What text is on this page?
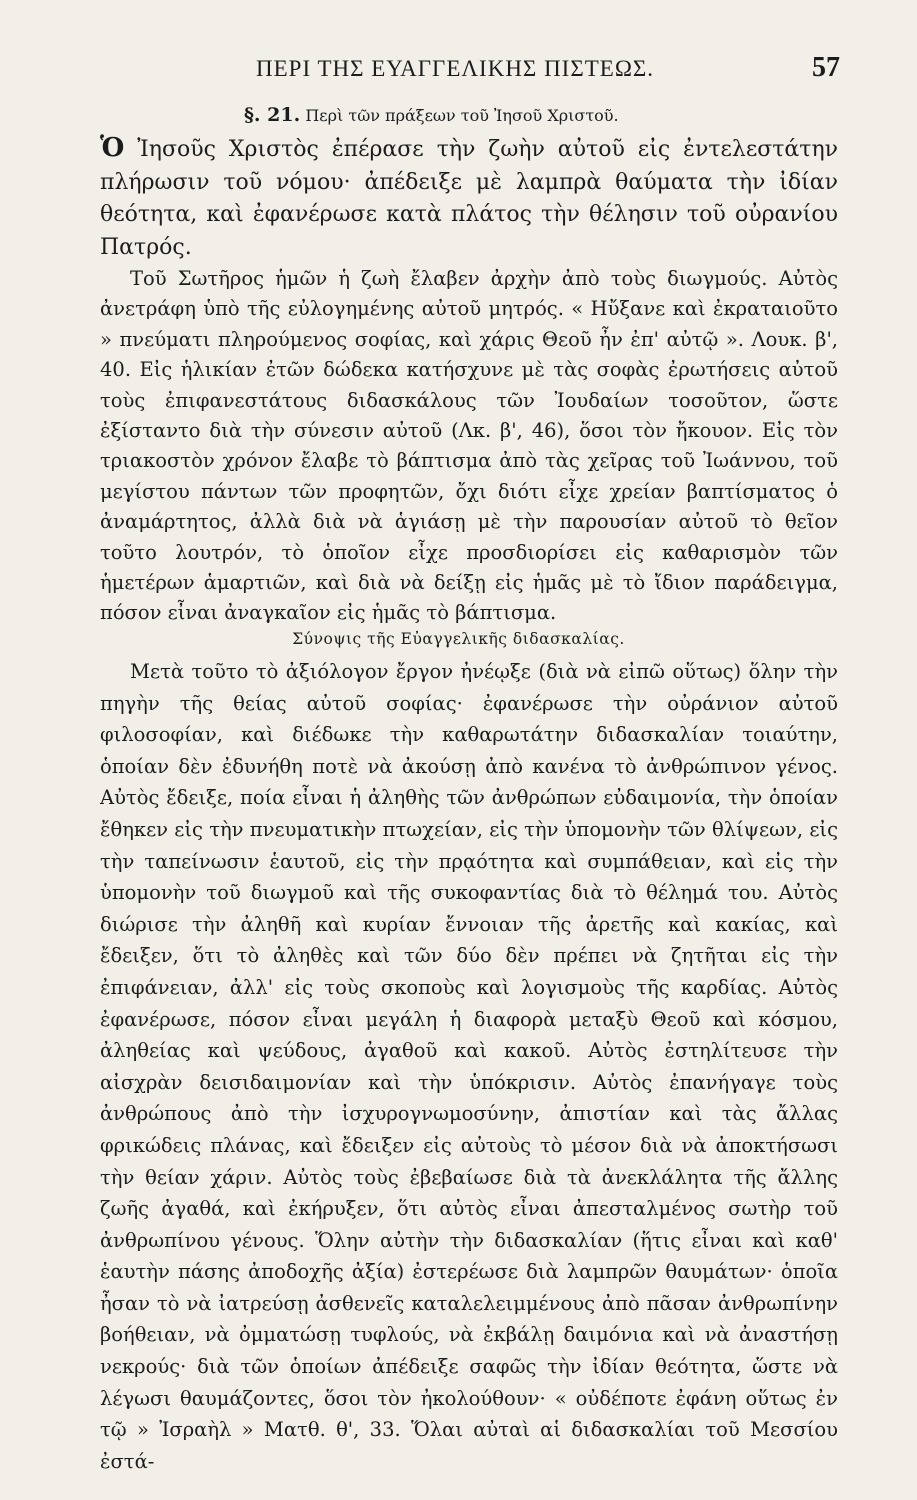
ΠΕΡΙ ΤΗΣ ΕΥΑΓΓΕΛΙΚΗΣ ΠΙΣΤΕΩΣ.	57
§. 21. Περὶ τῶν πράξεων τοῦ Ἰησοῦ Χριστοῦ.

Ὁ Ἰησοῦς Χριστὸς ἐπέρασε τὴν ζωὴν αὐτοῦ εἰς ἐντελεστάτην πλήρωσιν τοῦ νόμου· ἀπέδειξε μὲ λαμπρὰ θαύματα τὴν ἰδίαν θεότητα, καὶ ἐφανέρωσε κατὰ πλάτος τὴν θέλησιν τοῦ οὐρανίου Πατρός.

Τοῦ Σωτῆρος ἡμῶν ἡ ζωὴ ἔλαβεν ἀρχὴν ἀπὸ τοὺς διωγμούς. Αὐτὸς ἀνετράφη ὑπὸ τῆς εὐλογημένης αὐτοῦ μητρός. « Ηὔξανε καὶ ἐκραταιοῦτο » πνεύματι πληρούμενος σοφίας, καὶ χάρις Θεοῦ ἦν ἐπ' αὐτῷ ». Λουκ. β', 40. Εἰς ἡλικίαν ἐτῶν δώδεκα κατήσχυνε μὲ τὰς σοφὰς ἐρωτήσεις αὐτοῦ τοὺς ἐπιφανεστάτους διδασκάλους τῶν Ἰουδαίων τοσοῦτον, ὥστε ἐξίσταντο διὰ τὴν σύνεσιν αὐτοῦ (Λκ. β', 46), ὅσοι τὸν ἤκουον. Εἰς τὸν τριακοστὸν χρόνον ἔλαβε τὸ βάπτισμα ἀπὸ τὰς χεῖρας τοῦ Ἰωάννου, τοῦ μεγίστου πάντων τῶν προφητῶν, ὄχι διότι εἶχε χρείαν βαπτίσματος ὁ ἀναμάρτητος, ἀλλὰ διὰ νὰ ἁγιάσῃ μὲ τὴν παρουσίαν αὐτοῦ τὸ θεῖον τοῦτο λουτρόν, τὸ ὁποῖον εἶχε προσδιορίσει εἰς καθαρισμὸν τῶν ἡμετέρων ἁμαρτιῶν, καὶ διὰ νὰ δείξῃ εἰς ἡμᾶς μὲ τὸ ἴδιον παράδειγμα, πόσον εἶναι ἀναγκαῖον εἰς ἡμᾶς τὸ βάπτισμα.

Σύνοψις τῆς Εὐαγγελικῆς διδασκαλίας.

Μετὰ τοῦτο τὸ ἀξιόλογον ἔργον ἠνέῳξε (διὰ νὰ εἰπῶ οὕτως) ὅλην τὴν πηγὴν τῆς θείας αὐτοῦ σοφίας· ἐφανέρωσε τὴν οὐράνιον αὐτοῦ φιλοσοφίαν, καὶ διέδωκε τὴν καθαρωτάτην διδασκαλίαν τοιαύτην, ὁποίαν δὲν ἐδυνήθη ποτὲ νὰ ἀκούσῃ ἀπὸ κανένα τὸ ἀνθρώπινον γένος. Αὐτὸς ἔδειξε, ποία εἶναι ἡ ἀληθὴς τῶν ἀνθρώπων εὐδαιμονία, τὴν ὁποίαν ἔθηκεν εἰς τὴν πνευματικὴν πτωχείαν, εἰς τὴν ὑπομονὴν τῶν θλίψεων, εἰς τὴν ταπείνωσιν ἑαυτοῦ, εἰς τὴν πρᾳότητα καὶ συμπάθειαν, καὶ εἰς τὴν ὑπομονὴν τοῦ διωγμοῦ καὶ τῆς συκοφαντίας διὰ τὸ θέλημά του. Αὐτὸς διώρισε τὴν ἀληθῆ καὶ κυρίαν ἔννοιαν τῆς ἀρετῆς καὶ κακίας, καὶ ἔδειξεν, ὅτι τὸ ἀληθὲς καὶ τῶν δύο δὲν πρέπει νὰ ζητῆται εἰς τὴν ἐπιφάνειαν, ἀλλ' εἰς τοὺς σκοποὺς καὶ λογισμοὺς τῆς καρδίας. Αὐτὸς ἐφανέρωσε, πόσον εἶναι μεγάλη ἡ διαφορὰ μεταξὺ Θεοῦ καὶ κόσμου, ἀληθείας καὶ ψεύδους, ἀγαθοῦ καὶ κακοῦ. Αὐτὸς ἐστηλίτευσε τὴν αἰσχρὰν δεισιδαιμονίαν καὶ τὴν ὑπόκρισιν. Αὐτὸς ἐπανήγαγε τοὺς ἀνθρώπους ἀπὸ τὴν ἰσχυρογνωμοσύνην, ἀπιστίαν καὶ τὰς ἄλλας φρικώδεις πλάνας, καὶ ἔδειξεν εἰς αὐτοὺς τὸ μέσον διὰ νὰ ἀποκτήσωσι τὴν θείαν χάριν. Αὐτὸς τοὺς ἐβεβαίωσε διὰ τὰ ἀνεκλάλητα τῆς ἄλλης ζωῆς ἀγαθά, καὶ ἐκήρυξεν, ὅτι αὐτὸς εἶναι ἀπεσταλμένος σωτὴρ τοῦ ἀνθρωπίνου γένους. Ὅλην αὐτὴν τὴν διδασκαλίαν (ἥτις εἶναι καὶ καθ' ἑαυτὴν πάσης ἀποδοχῆς ἀξία) ἐστερέωσε διὰ λαμπρῶν θαυμάτων· ὁποῖα ἦσαν τὸ νὰ ἰατρεύσῃ ἀσθενεῖς καταλελειμμένους ἀπὸ πᾶσαν ἀνθρωπίνην βοήθειαν, νὰ ὀμματώσῃ τυφλούς, νὰ ἐκβάλῃ δαιμόνια καὶ νὰ ἀναστήσῃ νεκρούς· διὰ τῶν ὁποίων ἀπέδειξε σαφῶς τὴν ἰδίαν θεότητα, ὥστε νὰ λέγωσι θαυμάζοντες, ὅσοι τὸν ἠκολούθουν· « οὐδέποτε ἐφάνη οὕτως ἐν τῷ » Ἰσραὴλ » Ματθ. θ', 33. Ὅλαι αὐταὶ αἱ διδασκαλίαι τοῦ Μεσσίου ἐστά-
